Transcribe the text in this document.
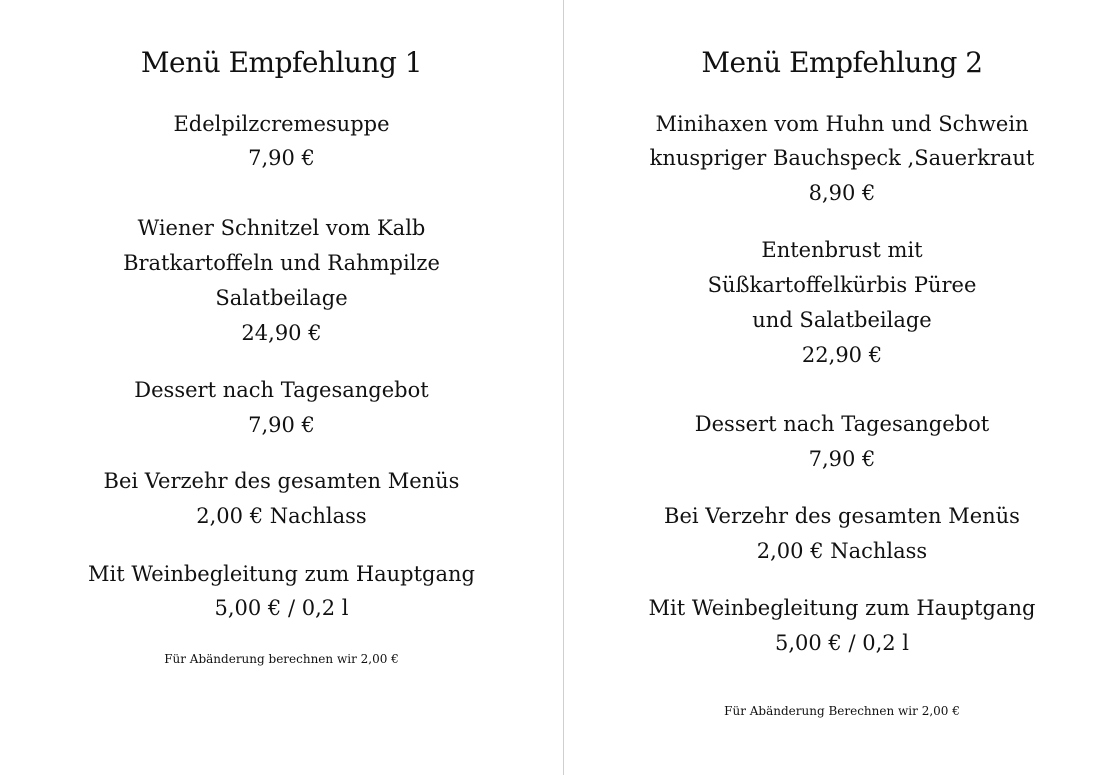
Menü Empfehlung 1
Edelpilzcremesuppe
7,90 €
Wiener Schnitzel vom Kalb
Bratkartoffeln und Rahmpilze
Salatbeilage
24,90 €
Dessert nach Tagesangebot
7,90 €
Bei Verzehr des gesamten Menüs
2,00 € Nachlass
Mit Weinbegleitung zum Hauptgang
5,00 € / 0,2 l
Für Abänderung berechnen wir 2,00 €
Menü Empfehlung 2
Minihaxen vom Huhn und Schwein
knuspriger Bauchspeck ,Sauerkraut
8,90 €
Entenbrust mit
Süßkartoffelkürbis Püree
und Salatbeilage
22,90 €
Dessert nach Tagesangebot
7,90 €
Bei Verzehr des gesamten Menüs
2,00 € Nachlass
Mit Weinbegleitung zum Hauptgang
5,00 € / 0,2 l
Für Abänderung Berechnen wir 2,00 €
